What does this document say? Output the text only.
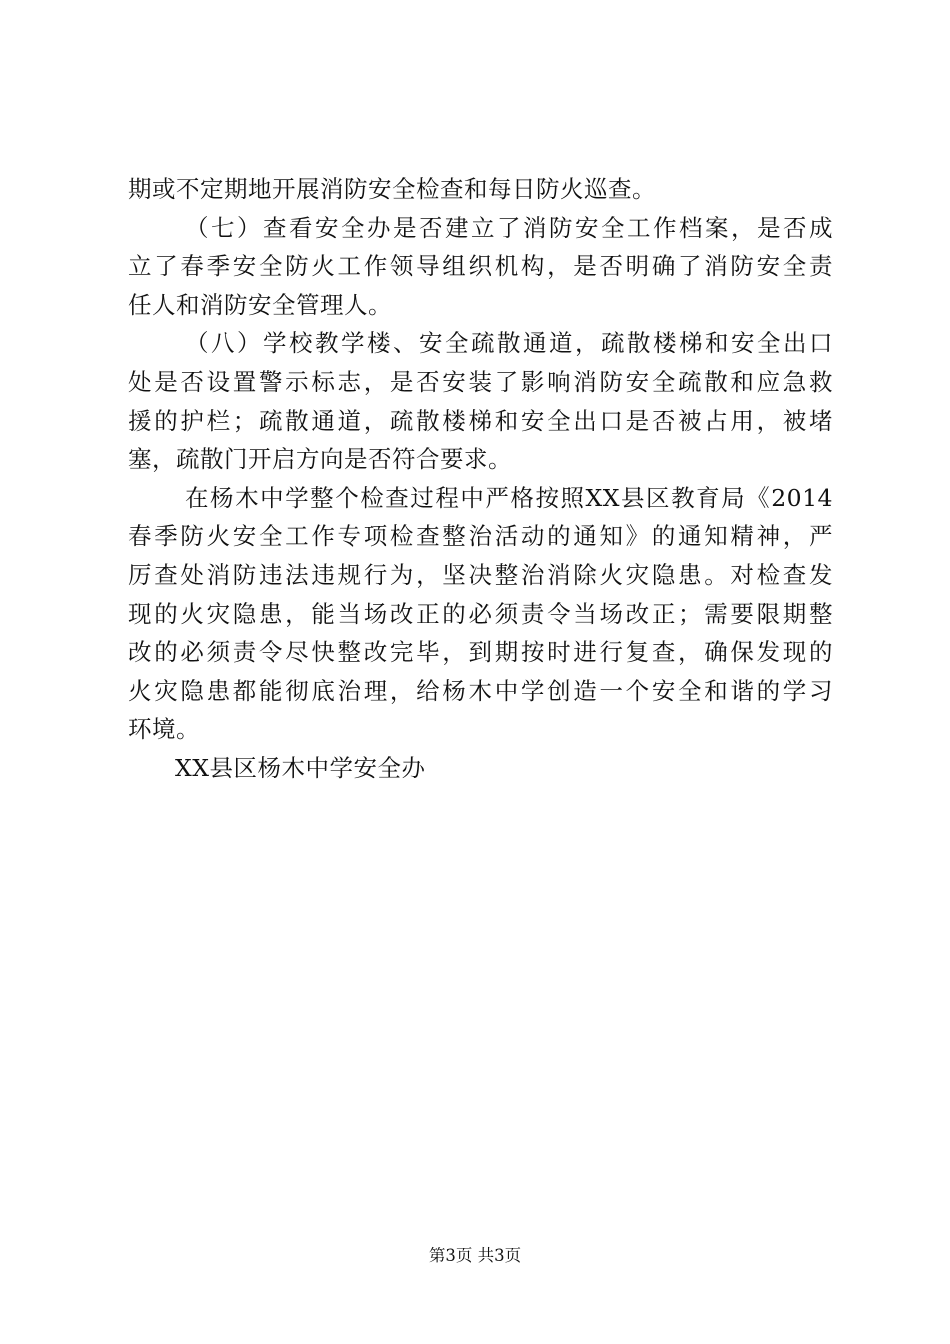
期或不定期地开展消防安全检查和每日防火巡查。
（七）查看安全办是否建立了消防安全工作档案，是否成
立了春季安全防火工作领导组织机构，是否明确了消防安全责
任人和消防安全管理人。
（八）学校教学楼、安全疏散通道，疏散楼梯和安全出口
处是否设置警示标志，是否安装了影响消防安全疏散和应急救
援的护栏；疏散通道，疏散楼梯和安全出口是否被占用，被堵
塞，疏散门开启方向是否符合要求。
在杨木中学整个检查过程中严格按照XX县区教育局《2014
春季防火安全工作专项检查整治活动的通知》的通知精神，严
厉查处消防违法违规行为，坚决整治消除火灾隐患。对检查发
现的火灾隐患，能当场改正的必须责令当场改正；需要限期整
改的必须责令尽快整改完毕，到期按时进行复查，确保发现的
火灾隐患都能彻底治理，给杨木中学创造一个安全和谐的学习
环境。
XX县区杨木中学安全办
第3页 共3页
